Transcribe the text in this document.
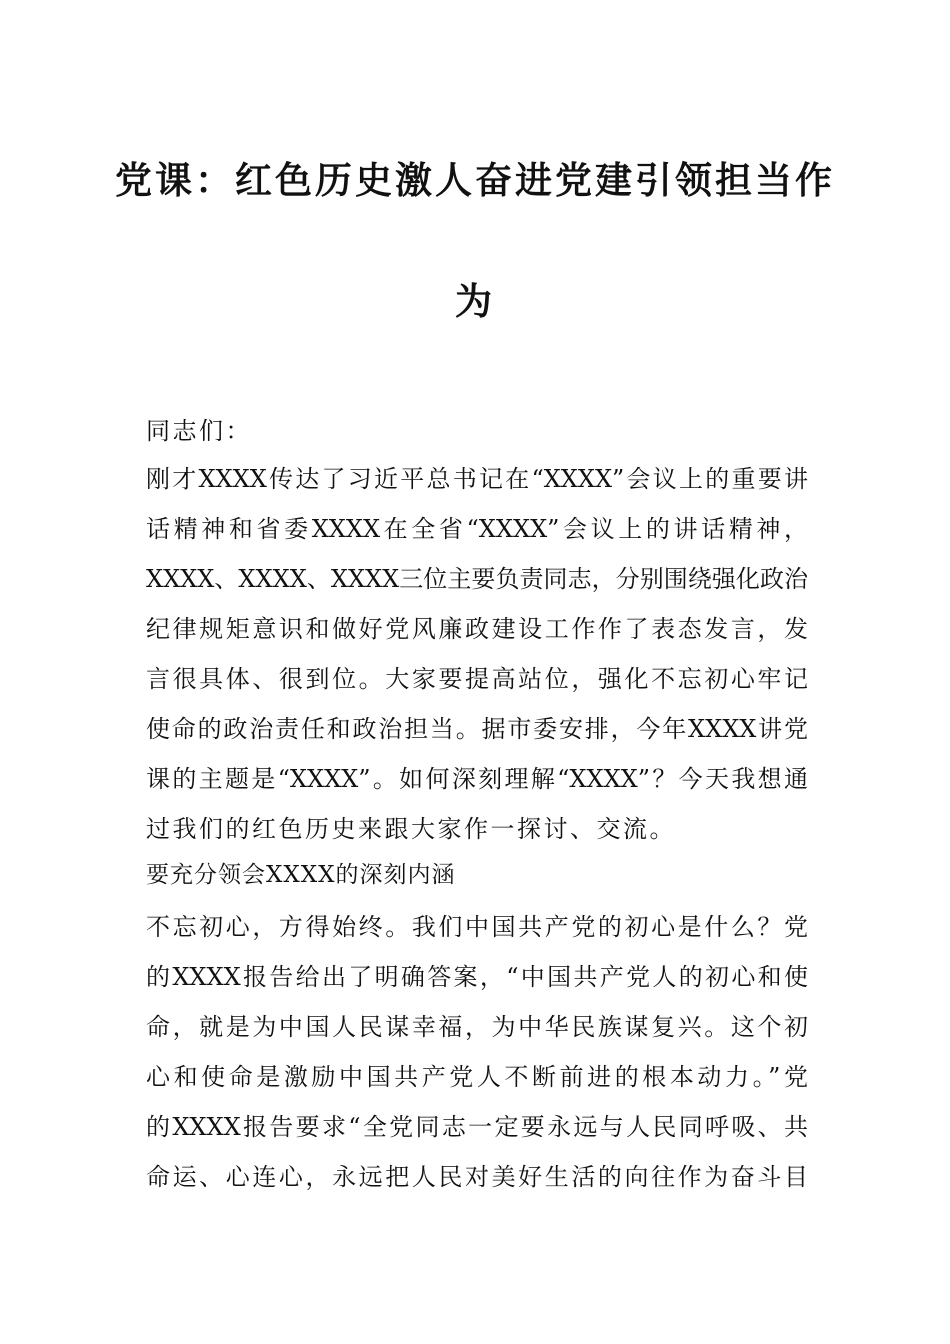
党课：红色历史激人奋进党建引领担当作
为
同志们：
刚才XXXX传达了习近平总书记在“XXXX”会议上的重要讲
话精神和省委XXXX在全省“XXXX”会议上的讲话精神，
XXXX、XXXX、XXXX三位主要负责同志，分别围绕强化政治
纪律规矩意识和做好党风廉政建设工作作了表态发言，发
言很具体、很到位。大家要提高站位，强化不忘初心牢记
使命的政治责任和政治担当。据市委安排，今年XXXX讲党
课的主题是“XXXX”。如何深刻理解“XXXX”？今天我想通
过我们的红色历史来跟大家作一探讨、交流。
要充分领会XXXX的深刻内涵
不忘初心，方得始终。我们中国共产党的初心是什么？党
的XXXX报告给出了明确答案，“中国共产党人的初心和使
命，就是为中国人民谋幸福，为中华民族谋复兴。这个初
心和使命是激励中国共产党人不断前进的根本动力。”党
的XXXX报告要求“全党同志一定要永远与人民同呼吸、共
命运、心连心，永远把人民对美好生活的向往作为奋斗目
